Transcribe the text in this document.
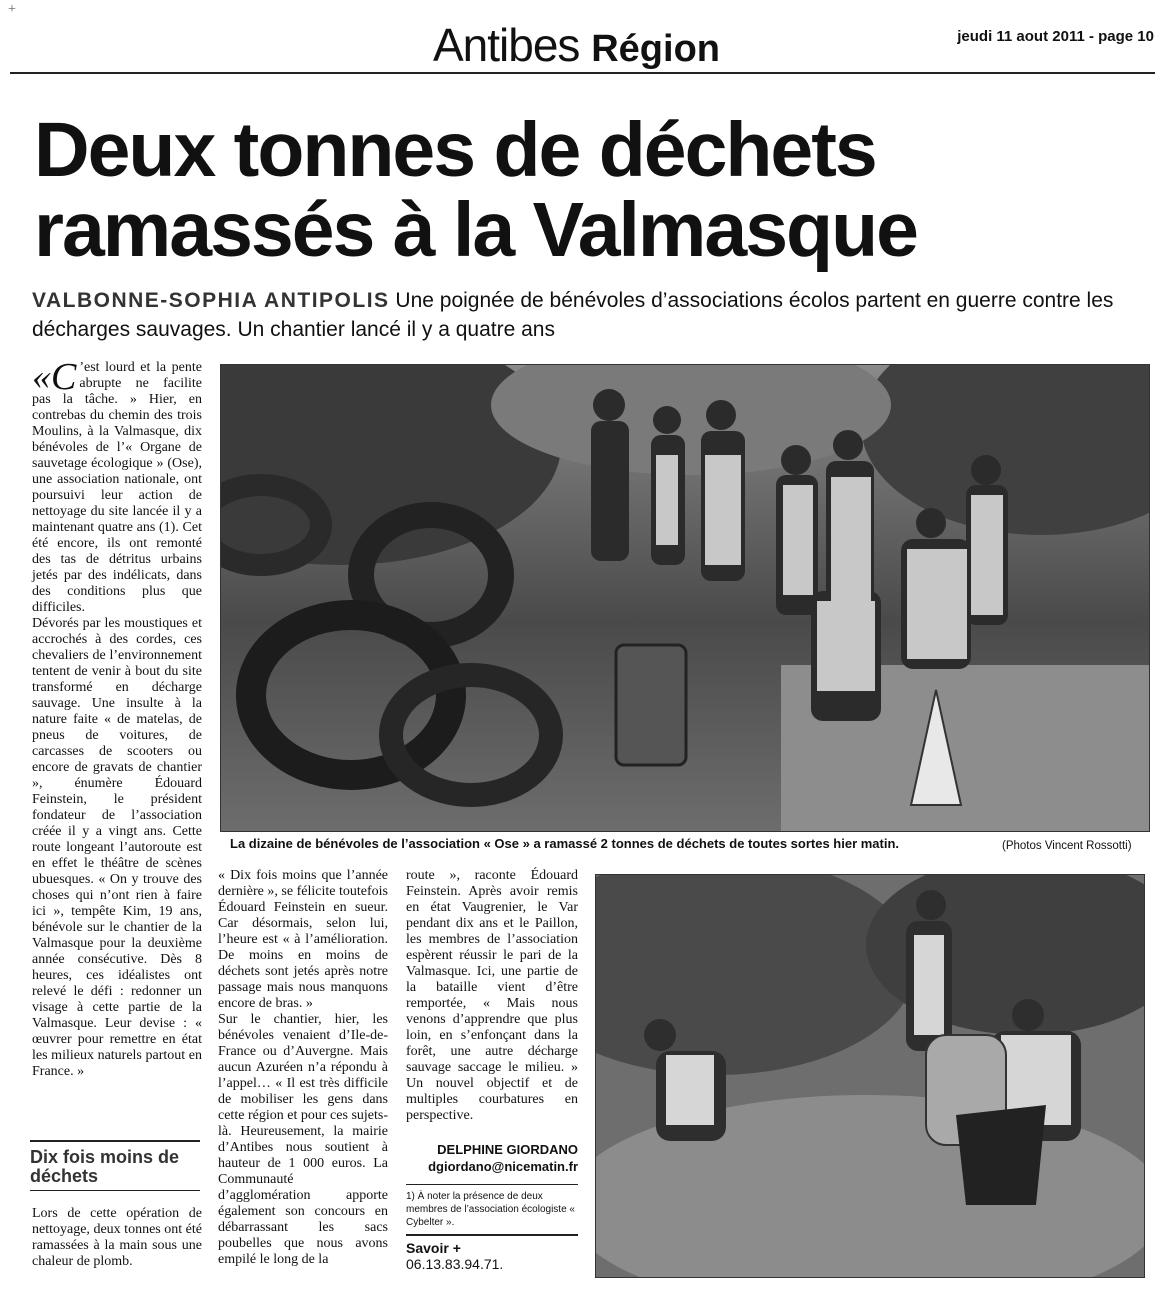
+
Antibes Région	jeudi 11 aout 2011 - page 10
Deux tonnes de déchets
ramassés à la Valmasque
VALBONNE-SOPHIA ANTIPOLIS Une poignée de bénévoles d’associations écolos partent en guerre contre les décharges sauvages. Un chantier lancé il y a quatre ans
La dizaine de bénévoles de l’association « Ose » a ramassé 2 tonnes de déchets de toutes sortes hier matin.	(Photos Vincent Rossotti)
«C ’est lourd et la pente abrupte ne facilite pas la tâche. » Hier, en contrebas du chemin des trois Moulins, à la Valmasque, dix bénévoles de l’« Organe de sauvetage écologique » (Ose), une association nationale, ont poursuivi leur action de nettoyage du site lancée il y a maintenant quatre ans (1). Cet été encore, ils ont remonté des tas de détritus urbains jetés par des indélicats, dans des conditions plus que difficiles.

Dévorés par les moustiques et accrochés à des cordes, ces chevaliers de l’environnement tentent de venir à bout du site transformé en décharge sauvage. Une insulte à la nature faite « de matelas, de pneus de voitures, de carcasses de scooters ou encore de gravats de chantier », énumère Édouard Feinstein, le président fondateur de l’association créée il y a vingt ans. Cette route longeant l’autoroute est en effet le théâtre de scènes ubuesques. « On y trouve des choses qui n’ont rien à faire ici », tempête Kim, 19 ans, bénévole sur le chantier de la Valmasque pour la deuxième année consécutive. Dès 8 heures, ces idéalistes ont relevé le défi : redonner un visage à cette partie de la Valmasque. Leur devise : « œuvrer pour remettre en état les milieux naturels partout en France. »

Dix fois moins de déchets

Lors de cette opération de nettoyage, deux tonnes ont été ramassées à la main sous une chaleur de plomb.

« Dix fois moins que l’année dernière », se félicite toutefois Édouard Feinstein en sueur. Car désormais, selon lui, l’heure est « à l’amélioration. De moins en moins de déchets sont jetés après notre passage mais nous manquons encore de bras. »

Sur le chantier, hier, les bénévoles venaient d’Ile-de-France ou d’Auvergne. Mais aucun Azuréen n’a répondu à l’appel… « Il est très difficile de mobiliser les gens dans cette région et pour ces sujets-là. Heureusement, la mairie d’Antibes nous soutient à hauteur de 1 000 euros. La Communauté d’agglomération apporte également son concours en débarrassant les sacs poubelles que nous avons empilé le long de la

route », raconte Édouard Feinstein. Après avoir remis en état Vaugrenier, le Var pendant dix ans et le Paillon, les membres de l’association espèrent réussir le pari de la Valmasque. Ici, une partie de la bataille vient d’être remportée, « Mais nous venons d’apprendre que plus loin, en s’enfonçant dans la forêt, une autre décharge sauvage saccage le milieu. » Un nouvel objectif et de multiples courbatures en perspective.

DELPHINE GIORDANO
dgiordano@nicematin.fr
1) À noter la présence de deux membres de l’association écologiste « Cybelter ».
Savoir +
06.13.83.94.71.
